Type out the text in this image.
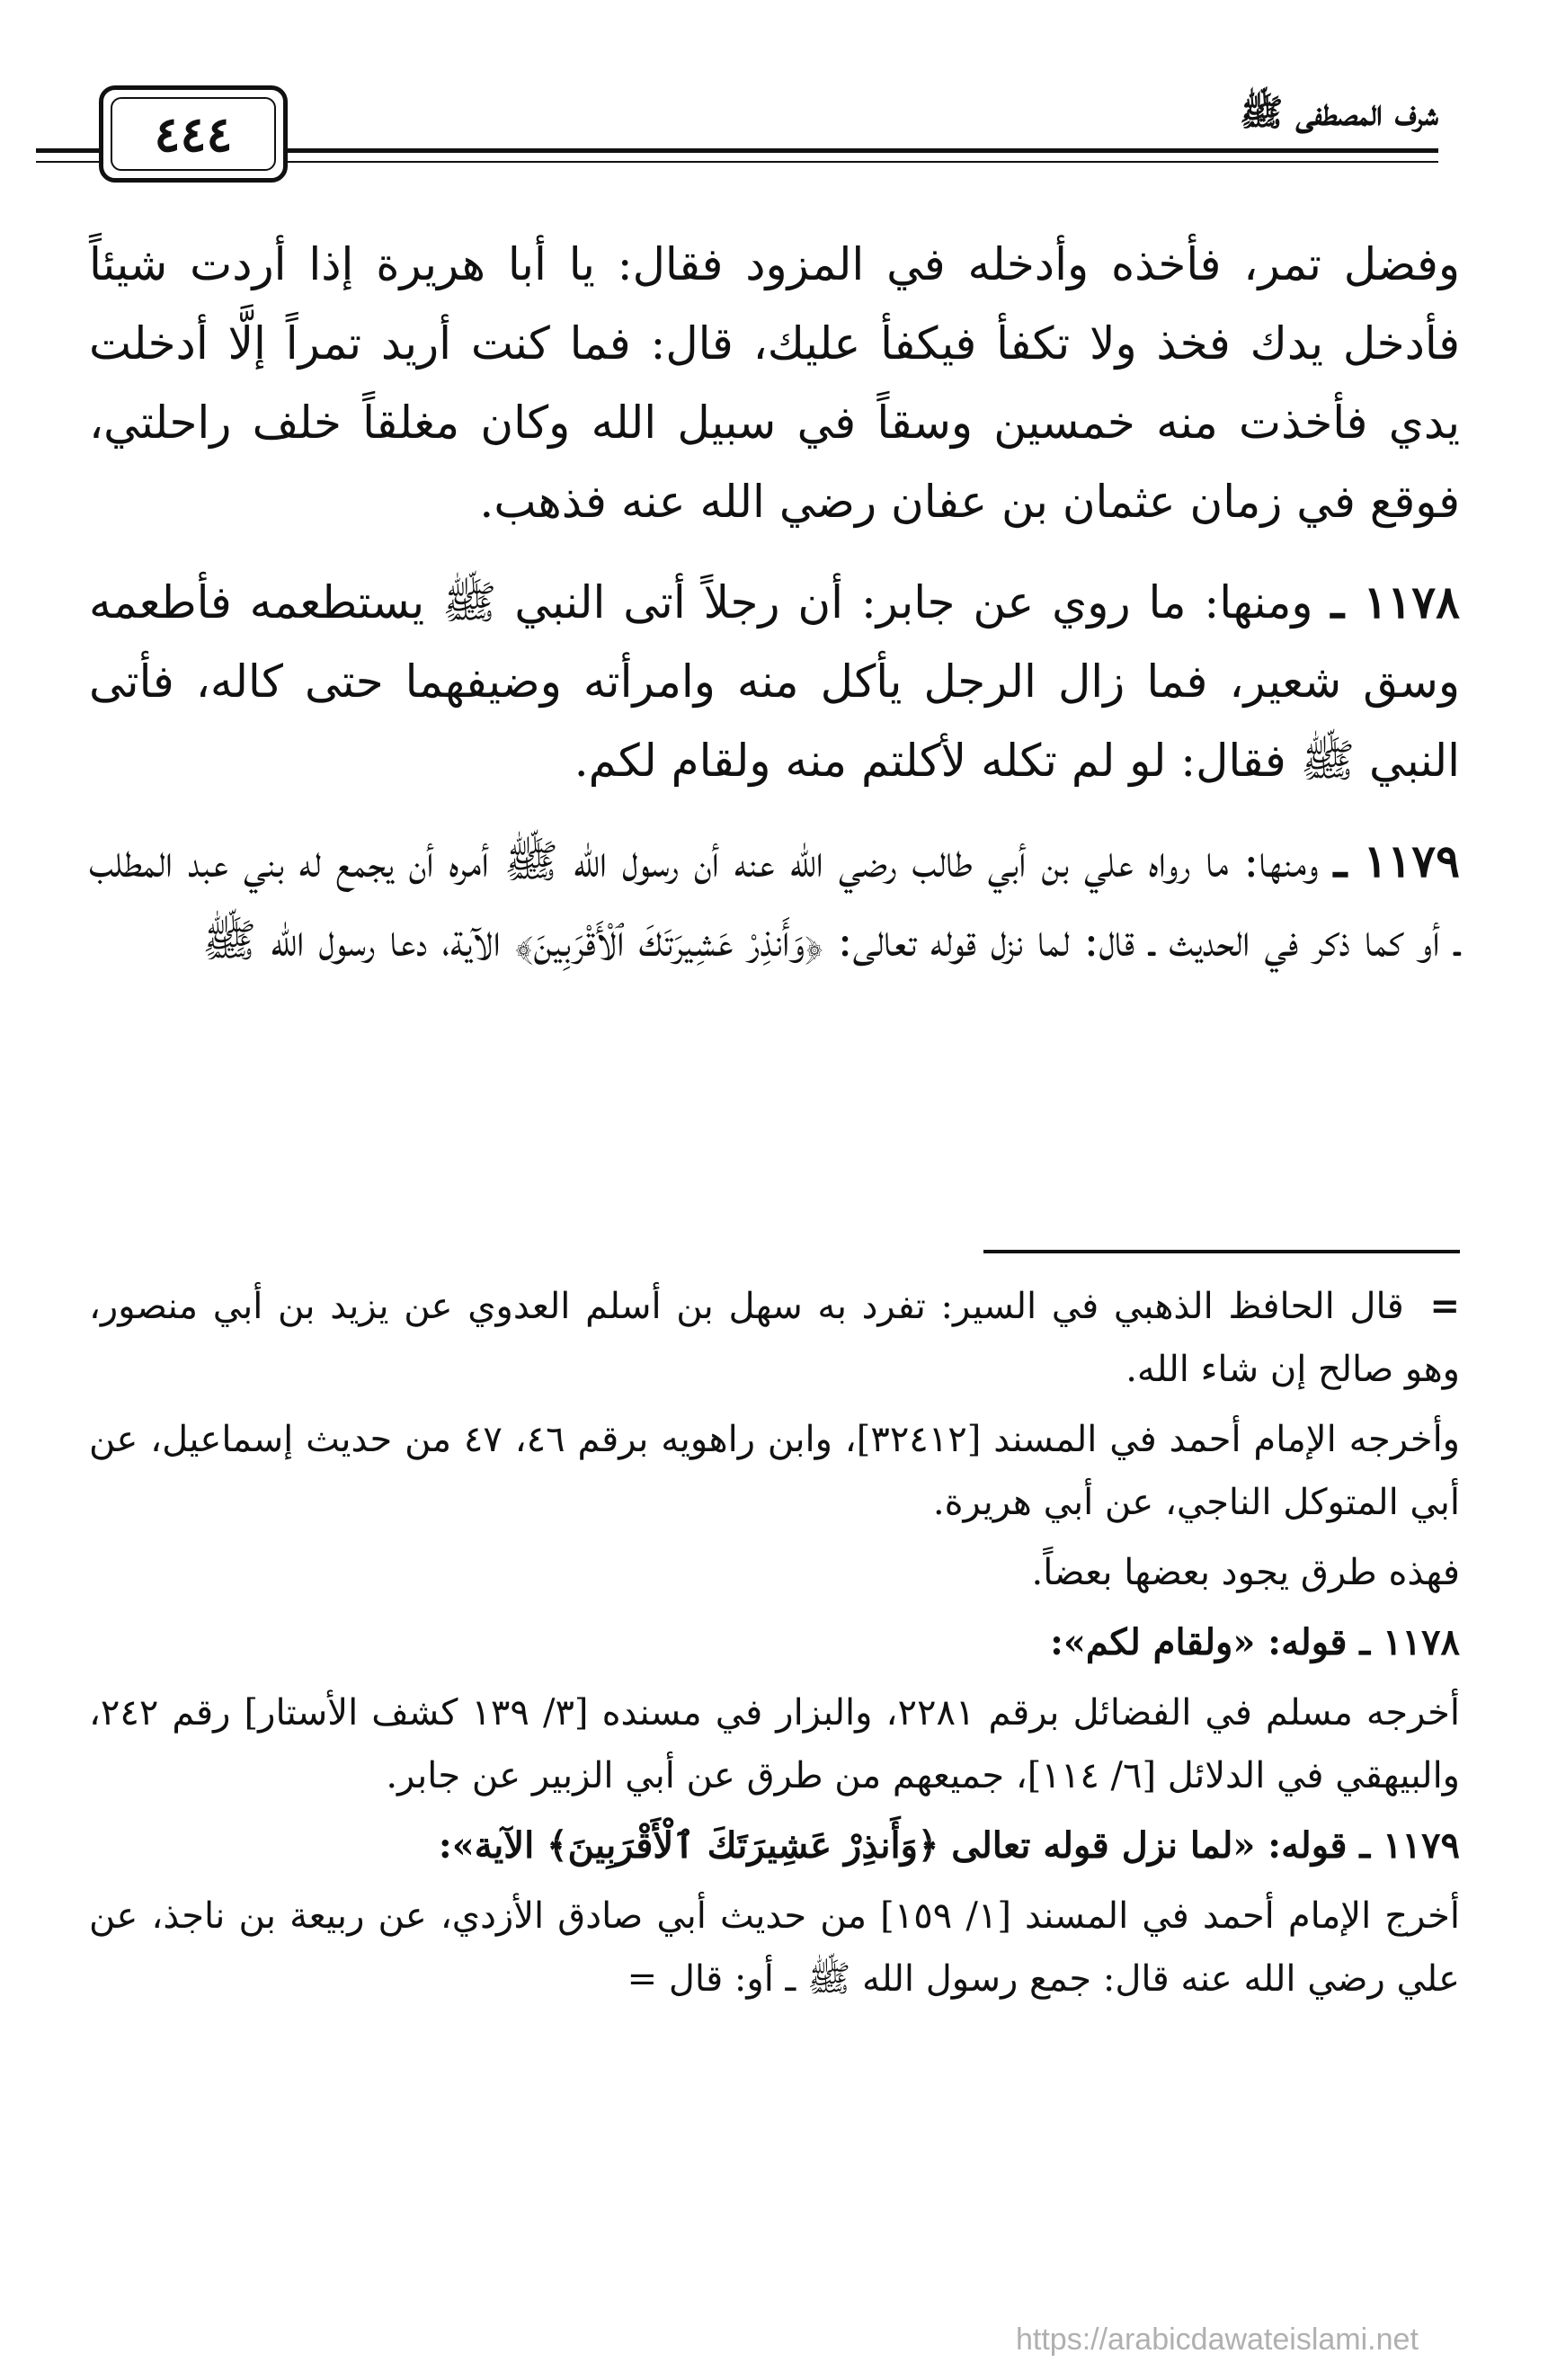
شرف المصطفى ﷺ
٤٤٤

وفضل تمر، فأخذه وأدخله في المزود فقال: يا أبا هريرة إذا أردت شيئاً فأدخل يدك فخذ ولا تكفأ فيكفأ عليك، قال: فما كنت أريد تمراً إلَّا أدخلت يدي فأخذت منه خمسين وسقاً في سبيل الله وكان مغلقاً خلف راحلتي، فوقع في زمان عثمان بن عفان رضي الله عنه فذهب.

١١٧٨ ـ ومنها: ما روي عن جابر: أن رجلاً أتى النبي ﷺ يستطعمه فأطعمه وسق شعير، فما زال الرجل يأكل منه وامرأته وضيفهما حتى كاله، فأتى النبي ﷺ فقال: لو لم تكله لأكلتم منه ولقام لكم.

١١٧٩ ـ ومنها: ما رواه علي بن أبي طالب رضي الله عنه أن رسول الله ﷺ أمره أن يجمع له بني عبد المطلب ـ أو كما ذكر في الحديث ـ قال: لما نزل قوله تعالى: ﴿وَأَنذِرْ عَشِيرَتَكَ ٱلْأَقْرَبِينَ﴾ الآية، دعا رسول الله ﷺ

= قال الحافظ الذهبي في السير: تفرد به سهل بن أسلم العدوي عن يزيد بن أبي منصور، وهو صالح إن شاء الله.

وأخرجه الإمام أحمد في المسند [٣٢٤١٢]، وابن راهويه برقم ٤٦، ٤٧ من حديث إسماعيل، عن أبي المتوكل الناجي، عن أبي هريرة.

فهذه طرق يجود بعضها بعضاً.

١١٧٨ ـ قوله: «ولقام لكم»:

أخرجه مسلم في الفضائل برقم ٢٢٨١، والبزار في مسنده [٣/ ١٣٩ كشف الأستار] رقم ٢٤٢، والبيهقي في الدلائل [٦/ ١١٤]، جميعهم من طرق عن أبي الزبير عن جابر.

١١٧٩ ـ قوله: «لما نزل قوله تعالى ﴿وَأَنذِرْ عَشِيرَتَكَ ٱلْأَقْرَبِينَ﴾ الآية»:

أخرج الإمام أحمد في المسند [١/ ١٥٩] من حديث أبي صادق الأزدي، عن ربيعة بن ناجذ، عن علي رضي الله عنه قال: جمع رسول الله ﷺ ـ أو: قال =

https://arabicdawateislami.net
